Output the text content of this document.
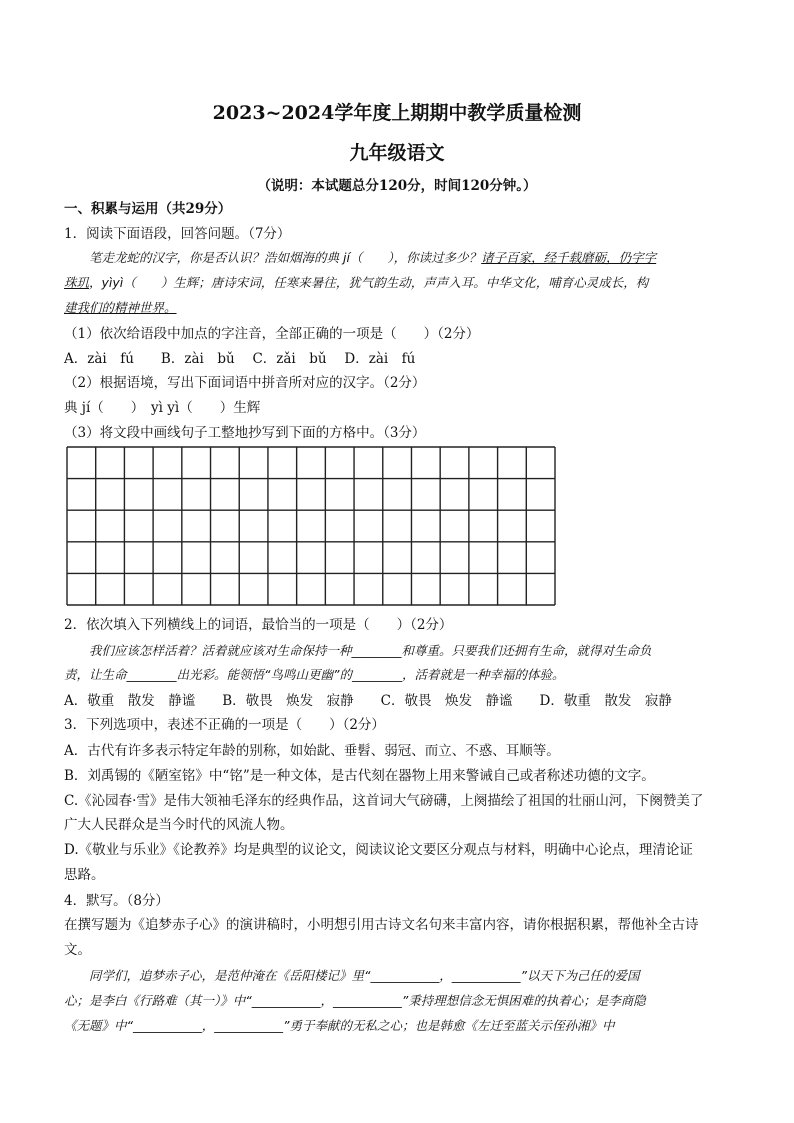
2023~2024学年度上期期中教学质量检测
九年级语文
（说明：本试题总分120分，时间120分钟。）
一、积累与运用（共29分）
1．阅读下面语段，回答问题。（7分）
　　笔走龙蛇的汉字，你是否认识？浩如烟海的典 jí（　　），你读过多少？诸子百家，经千载磨砺，仍字字
珠玑，yìyì（　　）生辉；唐诗宋词，任寒来暑往，犹气韵生动，声声入耳。中华文化，哺育心灵成长，构
建我们的精神世界。
（1）依次给语段中加点的字注音，全部正确的一项是（　　）（2分）
A．zài　fú　　B．zài　bǔ　 C．zǎi　bǔ　 D．zài　fú
（2）根据语境，写出下面词语中拼音所对应的汉字。（2分）
典 jí（　　）　yì yì（　　）生辉
（3）将文段中画线句子工整地抄写到下面的方格中。（3分）
2．依次填入下列横线上的词语，最恰当的一项是（　　）（2分）
　　我们应该怎样活着？活着就应该对生命保持一种________和尊重。只要我们还拥有生命，就得对生命负
责，让生命________出光彩。能领悟“鸟鸣山更幽”的________，活着就是一种幸福的体验。
A．敬重　散发　静谧　　B．敬畏　焕发　寂静　　C．敬畏　焕发　静谧　　D．敬重　散发　寂静
3．下列选项中，表述不正确的一项是（　　）（2分）
A．古代有许多表示特定年龄的别称，如始龀、垂髫、弱冠、而立、不惑、耳顺等。
B．刘禹锡的《陋室铭》中“铭”是一种文体，是古代刻在器物上用来警诫自己或者称述功德的文字。
C.《沁园春·雪》是伟大领袖毛泽东的经典作品，这首词大气磅礴，上阕描绘了祖国的壮丽山河，下阕赞美了
广大人民群众是当今时代的风流人物。
D.《敬业与乐业》《论教养》均是典型的议论文，阅读议论文要区分观点与材料，明确中心论点，理清论证
思路。
4．默写。（8分）
在撰写题为《追梦赤子心》的演讲稿时，小明想引用古诗文名句来丰富内容，请你根据积累，帮他补全古诗
文。
　　同学们，追梦赤子心，是范仲淹在《岳阳楼记》里“___________，___________”以天下为己任的爱国
心；是李白《行路难（其一）》中“___________，___________”秉持理想信念无惧困难的执着心；是李商隐
《无题》中“___________，___________”勇于奉献的无私之心；也是韩愈《左迁至蓝关示侄孙湘》中
